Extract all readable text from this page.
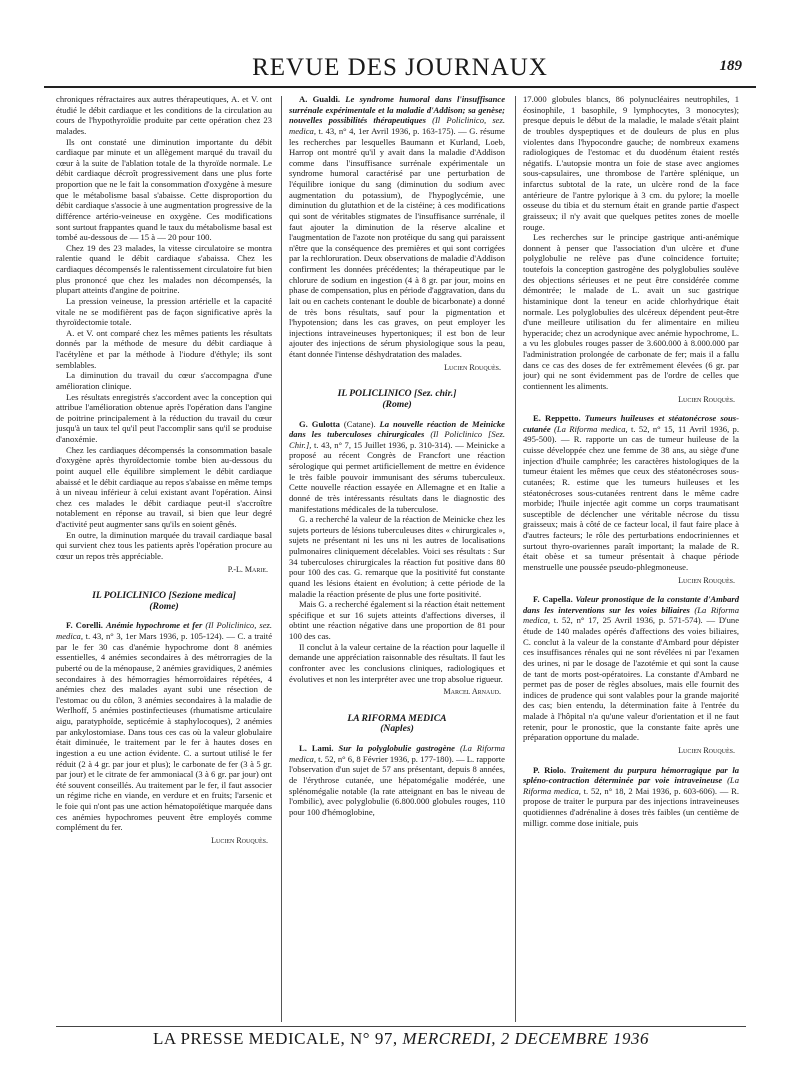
REVUE DES JOURNAUX	189

chroniques réfractaires aux autres thérapeutiques, A. et V. ont étudié le débit cardiaque et les conditions de la circulation au cours de l'hypothyroïdie produite par cette opération chez 23 malades.

Ils ont constaté une diminution importante du débit cardiaque par minute et un allègement marqué du travail du cœur à la suite de l'ablation totale de la thyroïde normale. Le débit cardiaque décroît progressivement dans une plus forte proportion que ne le fait la consommation d'oxygène à mesure que le métabolisme basal s'abaisse. Cette disproportion du débit cardiaque s'associe à une augmentation progressive de la différence artério-veineuse en oxygène. Ces modifications sont surtout frappantes quand le taux du métabolisme basal est tombé au-dessous de — 15 à — 20 pour 100.

Chez 19 des 23 malades, la vitesse circulatoire se montra ralentie quand le débit cardiaque s'abaissa. Chez les cardiaques décompensés le ralentissement circulatoire fut bien plus prononcé que chez les malades non décompensés, la plupart atteints d'angine de poitrine.

La pression veineuse, la pression artérielle et la capacité vitale ne se modifièrent pas de façon significative après la thyroïdectomie totale.

A. et V. ont comparé chez les mêmes patients les résultats donnés par la méthode de mesure du débit cardiaque à l'acétylène et par la méthode à l'iodure d'éthyle; ils sont semblables.

La diminution du travail du cœur s'accompagna d'une amélioration clinique.

Les résultats enregistrés s'accordent avec la conception qui attribue l'amélioration obtenue après l'opération dans l'angine de poitrine principalement à la réduction du travail du cœur jusqu'à un taux tel qu'il peut l'accomplir sans qu'il se produise d'anoxémie.

Chez les cardiaques décompensés la consommation basale d'oxygène après thyroïdectomie tombe bien au-dessous du point auquel elle équilibre simplement le débit cardiaque abaissé et le débit cardiaque au repos s'abaisse en même temps à un niveau inférieur à celui existant avant l'opération. Ainsi chez ces malades le débit cardiaque peut-il s'accroître notablement en réponse au travail, si bien que leur degré d'activité peut augmenter sans qu'ils en soient gênés.

En outre, la diminution marquée du travail cardiaque basal qui survient chez tous les patients après l'opération procure au cœur un repos très appréciable.

P.-L. Marie.
IL POLICLINICO [Sezione medica]
(Rome)

F. Corelli. Anémie hypochrome et fer (Il Policlinico, sez. medica, t. 43, n° 3, 1er Mars 1936, p. 105-124). — C. a traité par le fer 30 cas d'anémie hypochrome dont 8 anémies essentielles, 4 anémies secondaires à des métrorragies de la puberté ou de la ménopause, 2 anémies gravidiques, 2 anémies secondaires à des hémorragies hémorroïdaires répétées, 4 anémies chez des malades ayant subi une résection de l'estomac ou du côlon, 3 anémies secondaires à la maladie de Werlhoff, 5 anémies postinfectieuses (rhumatisme articulaire aigu, paratyphoïde, septicémie à staphylocoques), 2 anémies par ankylostomiase. Dans tous ces cas où la valeur globulaire était diminuée, le traitement par le fer à hautes doses en ingestion a eu une action évidente. C. a surtout utilisé le fer réduit (2 à 4 gr. par jour et plus); le carbonate de fer (3 à 5 gr. par jour) et le citrate de fer ammoniacal (3 à 6 gr. par jour) ont été souvent conseillés. Au traitement par le fer, il faut associer un régime riche en viande, en verdure et en fruits; l'arsenic et le foie qui n'ont pas une action hématopoïétique marquée dans ces anémies hypochromes peuvent être employés comme complément du fer.

Lucien Rouquès.

A. Gualdi. Le syndrome humoral dans l'insuffisance surrénale expérimentale et la maladie d'Addison; sa genèse; nouvelles possibilités thérapeutiques (Il Policlinico, sez. medica, t. 43, n° 4, 1er Avril 1936, p. 163-175). — G. résume les recherches par lesquelles Baumann et Kurland, Loeb, Harrop ont montré qu'il y avait dans la maladie d'Addison comme dans l'insuffisance surrénale expérimentale un syndrome humoral caractérisé par une perturbation de l'équilibre ionique du sang (diminution du sodium avec augmentation du potassium), de l'hypoglycémie, une diminution du glutathion et de la cistéine; à ces modifications qui sont de véritables stigmates de l'insuffisance surrénale, il faut ajouter la diminution de la réserve alcaline et l'augmentation de l'azote non protéique du sang qui paraissent n'être que la conséquence des premières et qui sont corrigées par la rechloruration. Deux observations de maladie d'Addison confirment les données précédentes; la thérapeutique par le chlorure de sodium en ingestion (4 à 8 gr. par jour, moins en phase de compensation, plus en période d'aggravation, dans du lait ou en cachets contenant le double de bicarbonate) a donné de très bons résultats, sauf pour la pigmentation et l'hypotension; dans les cas graves, on peut employer les injections intraveineuses hypertoniques; il est bon de leur ajouter des injections de sérum physiologique sous la peau, étant donnée l'intense déshydratation des malades.

Lucien Rouquès.
IL POLICLINICO [Sez. chir.]
(Rome)

G. Gulotta (Catane). La nouvelle réaction de Meinicke dans les tuberculoses chirurgicales (Il Policlinico [Sez. Chir.], t. 43, n° 7, 15 Juillet 1936, p. 310-314). — Meinicke a proposé au récent Congrès de Francfort une réaction sérologique qui permet artificiellement de mettre en évidence le très faible pouvoir immunisant des sérums tuberculeux. Cette nouvelle réaction essayée en Allemagne et en Italie a donné de très intéressants résultats dans le diagnostic des manifestations médicales de la tuberculose.

G. a recherché la valeur de la réaction de Meinicke chez les sujets porteurs de lésions tuberculeuses dites « chirurgicales », sujets ne présentant ni les uns ni les autres de localisations pulmonaires cliniquement décelables. Voici ses résultats : Sur 34 tuberculoses chirurgicales la réaction fut positive dans 80 pour 100 des cas. G. remarque que la positivité fut constante quand les lésions étaient en évolution; à cette période de la maladie la réaction présente de plus une forte positivité.

Mais G. a recherché également si la réaction était nettement spécifique et sur 16 sujets atteints d'affections diverses, il obtint une réaction négative dans une proportion de 81 pour 100 des cas.

Il conclut à la valeur certaine de la réaction pour laquelle il demande une appréciation raisonnable des résultats. Il faut les confronter avec les conclusions cliniques, radiologiques et évolutives et non les interpréter avec une trop absolue rigueur.

Marcel Arnaud.
LA RIFORMA MEDICA
(Naples)

L. Lami. Sur la polyglobulie gastrogène (La Riforma medica, t. 52, n° 6, 8 Février 1936, p. 177-180). — L. rapporte l'observation d'un sujet de 57 ans présentant, depuis 8 années, de l'érythrose cutanée, une hépatomégalie modérée, une splénomégalie notable (la rate atteignant en bas le niveau de l'ombilic), avec polyglobulie (6.800.000 globules rouges, 110 pour 100 d'hémoglobine,

17.000 globules blancs, 86 polynucléaires neutrophiles, 1 éosinophile, 1 basophile, 9 lymphocytes, 3 monocytes); presque depuis le début de la maladie, le malade s'était plaint de troubles dyspeptiques et de douleurs de plus en plus violentes dans l'hypocondre gauche; de nombreux examens radiologiques de l'estomac et du duodénum étaient restés négatifs. L'autopsie montra un foie de stase avec angiomes sous-capsulaires, une thrombose de l'artère splénique, un infarctus subtotal de la rate, un ulcère rond de la face antérieure de l'antre pylorique à 3 cm. du pylore; la moelle osseuse du tibia et du sternum était en grande partie d'aspect graisseux; il n'y avait que quelques petites zones de moelle rouge.

Les recherches sur le principe gastrique anti-anémique donnent à penser que l'association d'un ulcère et d'une polyglobulie ne relève pas d'une coïncidence fortuite; toutefois la conception gastrogène des polyglobulies soulève des objections sérieuses et ne peut être considérée comme démontrée; le malade de L. avait un suc gastrique histaminique dont la teneur en acide chlorhydrique était normale. Les polyglobulies des ulcéreux dépendent peut-être d'une meilleure utilisation du fer alimentaire en milieu hyperacide; chez un acrodynique avec anémie hypochrome, L. a vu les globules rouges passer de 3.600.000 à 8.000.000 par l'administration prolongée de carbonate de fer; mais il a fallu dans ce cas des doses de fer extrêmement élevées (6 gr. par jour) qui ne sont évidemment pas de l'ordre de celles que contiennent les aliments.

Lucien Rouquès.

E. Reppetto. Tumeurs huileuses et stéatonécrose sous-cutanée (La Riforma medica, t. 52, n° 15, 11 Avril 1936, p. 495-500). — R. rapporte un cas de tumeur huileuse de la cuisse développée chez une femme de 38 ans, au siège d'une injection d'huile camphrée; les caractères histologiques de la tumeur étaient les mêmes que ceux des stéatonécroses sous-cutanées; R. estime que les tumeurs huileuses et les stéatonécroses sous-cutanées rentrent dans le même cadre morbide; l'huile injectée agit comme un corps traumatisant susceptible de déclencher une véritable nécrose du tissu graisseux; mais à côté de ce facteur local, il faut faire place à d'autres facteurs; le rôle des perturbations endocriniennes et surtout thyro-ovariennes paraît important; la malade de R. était obèse et sa tumeur présentait à chaque période menstruelle une poussée pseudo-phlegmoneuse.

Lucien Rouquès.

F. Capella. Valeur pronostique de la constante d'Ambard dans les interventions sur les voies biliaires (La Riforma medica, t. 52, n° 17, 25 Avril 1936, p. 571-574). — D'une étude de 140 malades opérés d'affections des voies biliaires, C. conclut à la valeur de la constante d'Ambard pour dépister ces insuffisances rénales qui ne sont révélées ni par l'examen des urines, ni par le dosage de l'azotémie et qui sont la cause de tant de morts post-opératoires. La constante d'Ambard ne permet pas de poser de règles absolues, mais elle fournit des indices de prudence qui sont valables pour la grande majorité des cas; bien entendu, la détermination faite à l'entrée du malade à l'hôpital n'a qu'une valeur d'orientation et il ne faut retenir, pour le pronostic, que la constante faite après une préparation opportune du malade.

Lucien Rouquès.

P. Riolo. Traitement du purpura hémorragique par la spléno-contraction déterminée par voie intraveineuse (La Riforma medica, t. 52, n° 18, 2 Mai 1936, p. 603-606). — R. propose de traiter le purpura par des injections intraveineuses quotidiennes d'adrénaline à doses très faibles (un centième de milligr. comme dose initiale, puis

LA PRESSE MEDICALE, N° 97, MERCREDI, 2 DECEMBRE 1936
